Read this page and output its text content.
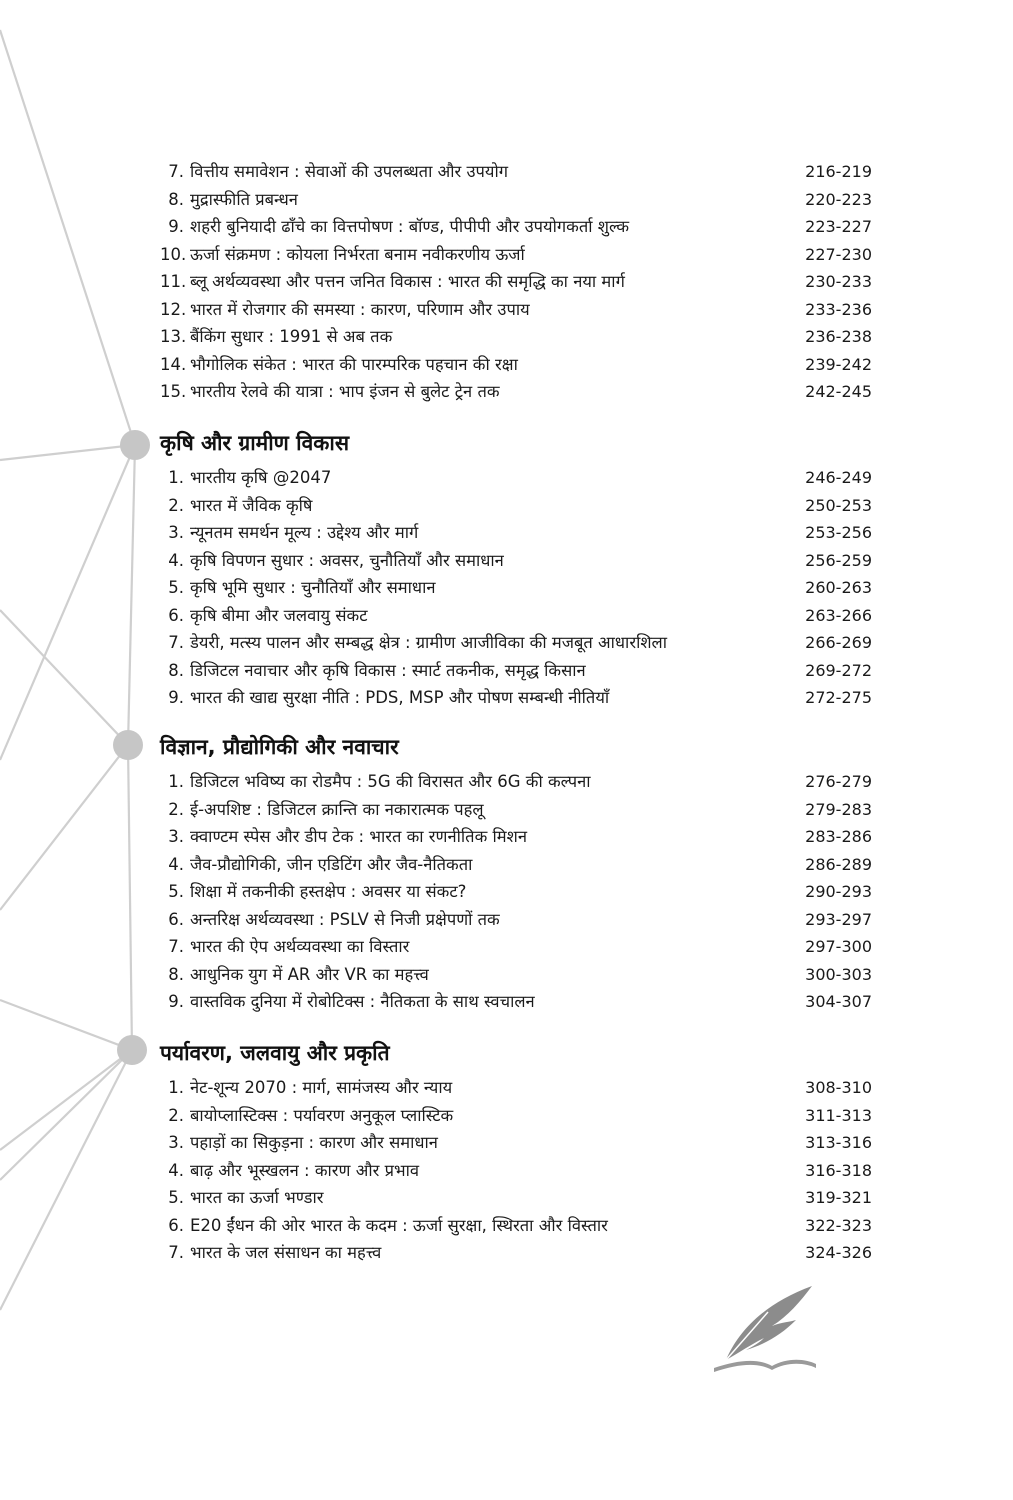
7. वित्तीय समावेशन : सेवाओं की उपलब्धता और उपयोग	216-219
8. मुद्रास्फीति प्रबन्धन	220-223
9. शहरी बुनियादी ढाँचे का वित्तपोषण : बॉण्ड, पीपीपी और उपयोगकर्ता शुल्क	223-227
10. ऊर्जा संक्रमण : कोयला निर्भरता बनाम नवीकरणीय ऊर्जा	227-230
11. ब्लू अर्थव्यवस्था और पत्तन जनित विकास : भारत की समृद्धि का नया मार्ग	230-233
12. भारत में रोजगार की समस्या : कारण, परिणाम और उपाय	233-236
13. बैंकिंग सुधार : 1991 से अब तक	236-238
14. भौगोलिक संकेत : भारत की पारम्परिक पहचान की रक्षा	239-242
15. भारतीय रेलवे की यात्रा : भाप इंजन से बुलेट ट्रेन तक	242-245
कृषि और ग्रामीण विकास
1. भारतीय कृषि @2047	246-249
2. भारत में जैविक कृषि	250-253
3. न्यूनतम समर्थन मूल्य : उद्देश्य और मार्ग	253-256
4. कृषि विपणन सुधार : अवसर, चुनौतियाँ और समाधान	256-259
5. कृषि भूमि सुधार : चुनौतियाँ और समाधान	260-263
6. कृषि बीमा और जलवायु संकट	263-266
7. डेयरी, मत्स्य पालन और सम्बद्ध क्षेत्र : ग्रामीण आजीविका की मजबूत आधारशिला	266-269
8. डिजिटल नवाचार और कृषि विकास : स्मार्ट तकनीक, समृद्ध किसान	269-272
9. भारत की खाद्य सुरक्षा नीति : PDS, MSP और पोषण सम्बन्धी नीतियाँ	272-275
विज्ञान, प्रौद्योगिकी और नवाचार
1. डिजिटल भविष्य का रोडमैप : 5G की विरासत और 6G की कल्पना	276-279
2. ई-अपशिष्ट : डिजिटल क्रान्ति का नकारात्मक पहलू	279-283
3. क्वाण्टम स्पेस और डीप टेक : भारत का रणनीतिक मिशन	283-286
4. जैव-प्रौद्योगिकी, जीन एडिटिंग और जैव-नैतिकता	286-289
5. शिक्षा में तकनीकी हस्तक्षेप : अवसर या संकट?	290-293
6. अन्तरिक्ष अर्थव्यवस्था : PSLV से निजी प्रक्षेपणों तक	293-297
7. भारत की ऐप अर्थव्यवस्था का विस्तार	297-300
8. आधुनिक युग में AR और VR का महत्त्व	300-303
9. वास्तविक दुनिया में रोबोटिक्स : नैतिकता के साथ स्वचालन	304-307
पर्यावरण, जलवायु और प्रकृति
1. नेट-शून्य 2070 : मार्ग, सामंजस्य और न्याय	308-310
2. बायोप्लास्टिक्स : पर्यावरण अनुकूल प्लास्टिक	311-313
3. पहाड़ों का सिकुड़ना : कारण और समाधान	313-316
4. बाढ़ और भूस्खलन : कारण और प्रभाव	316-318
5. भारत का ऊर्जा भण्डार	319-321
6. E20 ईंधन की ओर भारत के कदम : ऊर्जा सुरक्षा, स्थिरता और विस्तार	322-323
7. भारत के जल संसाधन का महत्त्व	324-326
